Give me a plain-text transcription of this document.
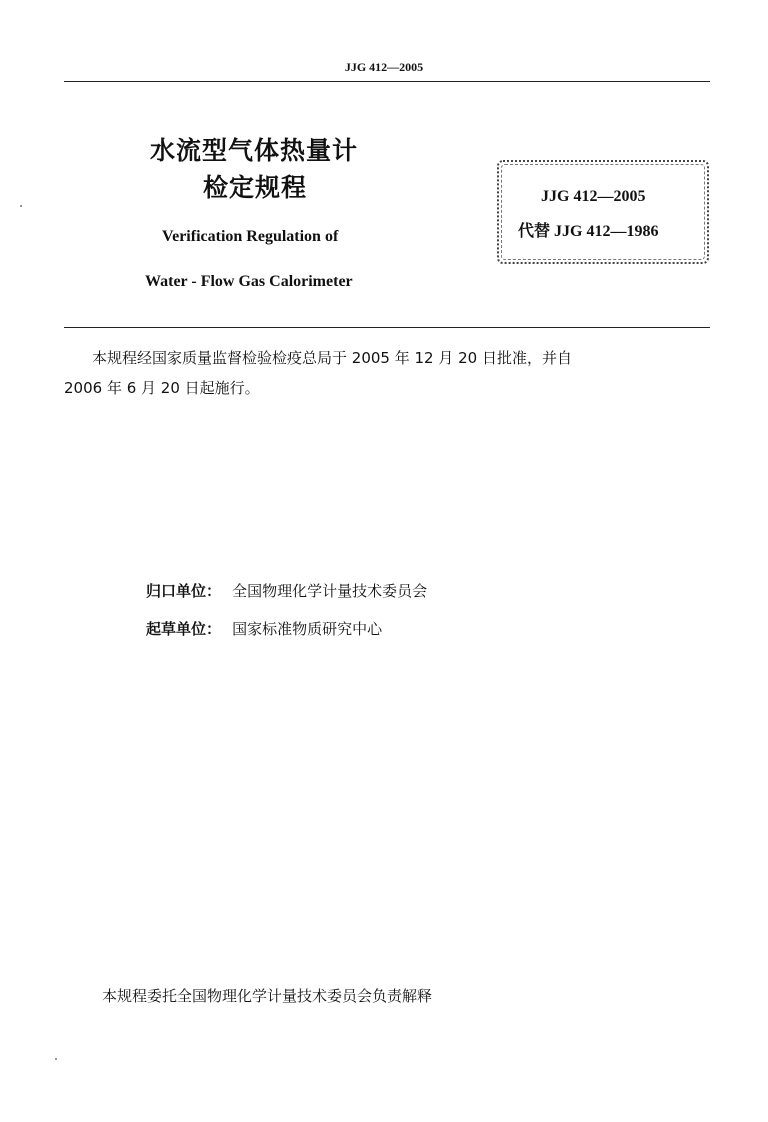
JJG 412—2005
水流型气体热量计
检定规程
Verification Regulation of
Water - Flow Gas Calorimeter
JJG 412—2005
代替 JJG 412—1986
本规程经国家质量监督检验检疫总局于 2005 年 12 月 20 日批准，并自
2006 年 6 月 20 日起施行。
归口单位： 全国物理化学计量技术委员会
起草单位： 国家标准物质研究中心
本规程委托全国物理化学计量技术委员会负责解释
